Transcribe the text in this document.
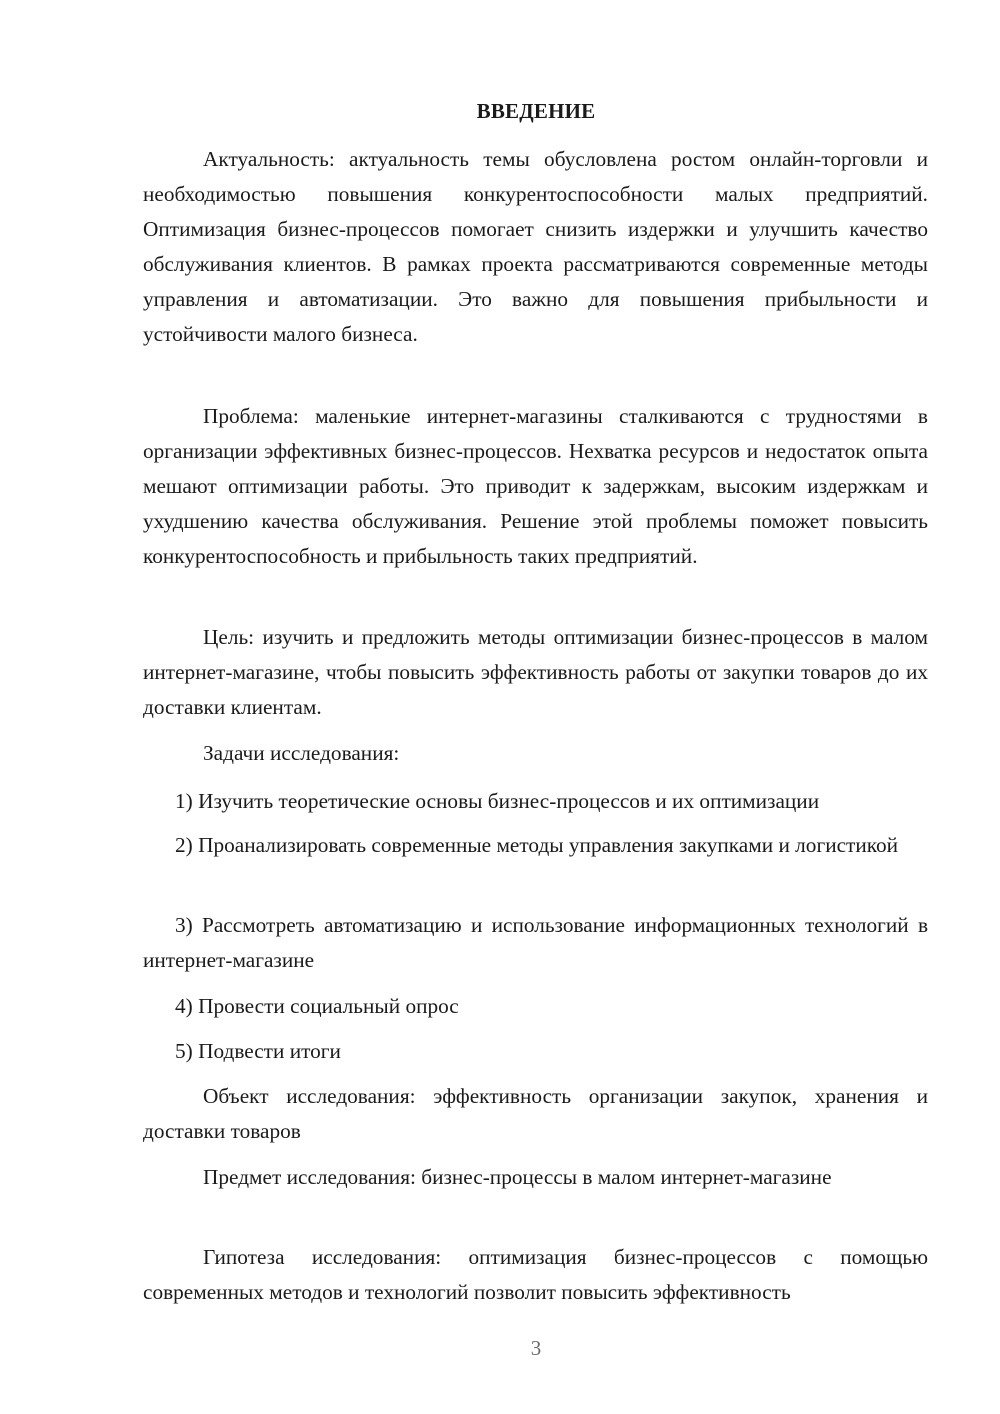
ВВЕДЕНИЕ

Актуальность: актуальность темы обусловлена ростом онлайн-торговли и необходимостью повышения конкурентоспособности малых предприятий. Оптимизация бизнес-процессов помогает снизить издержки и улучшить качество обслуживания клиентов. В рамках проекта рассматриваются современные методы управления и автоматизации. Это важно для повышения прибыльности и устойчивости малого бизнеса.

Проблема: маленькие интернет-магазины сталкиваются с трудностями в организации эффективных бизнес-процессов. Нехватка ресурсов и недостаток опыта мешают оптимизации работы. Это приводит к задержкам, высоким издержкам и ухудшению качества обслуживания. Решение этой проблемы поможет повысить конкурентоспособность и прибыльность таких предприятий.

Цель: изучить и предложить методы оптимизации бизнес-процессов в малом интернет-магазине, чтобы повысить эффективность работы от закупки товаров до их доставки клиентам.

Задачи исследования:

1) Изучить теоретические основы бизнес-процессов и их оптимизации

2) Проанализировать современные методы управления закупками и логистикой

3) Рассмотреть автоматизацию и использование информационных технологий в интернет-магазине

4) Провести социальный опрос

5) Подвести итоги

Объект исследования: эффективность организации закупок, хранения и доставки товаров

Предмет исследования: бизнес-процессы в малом интернет-магазине

Гипотеза исследования: оптимизация бизнес-процессов с помощью современных методов и технологий позволит повысить эффективность

3
